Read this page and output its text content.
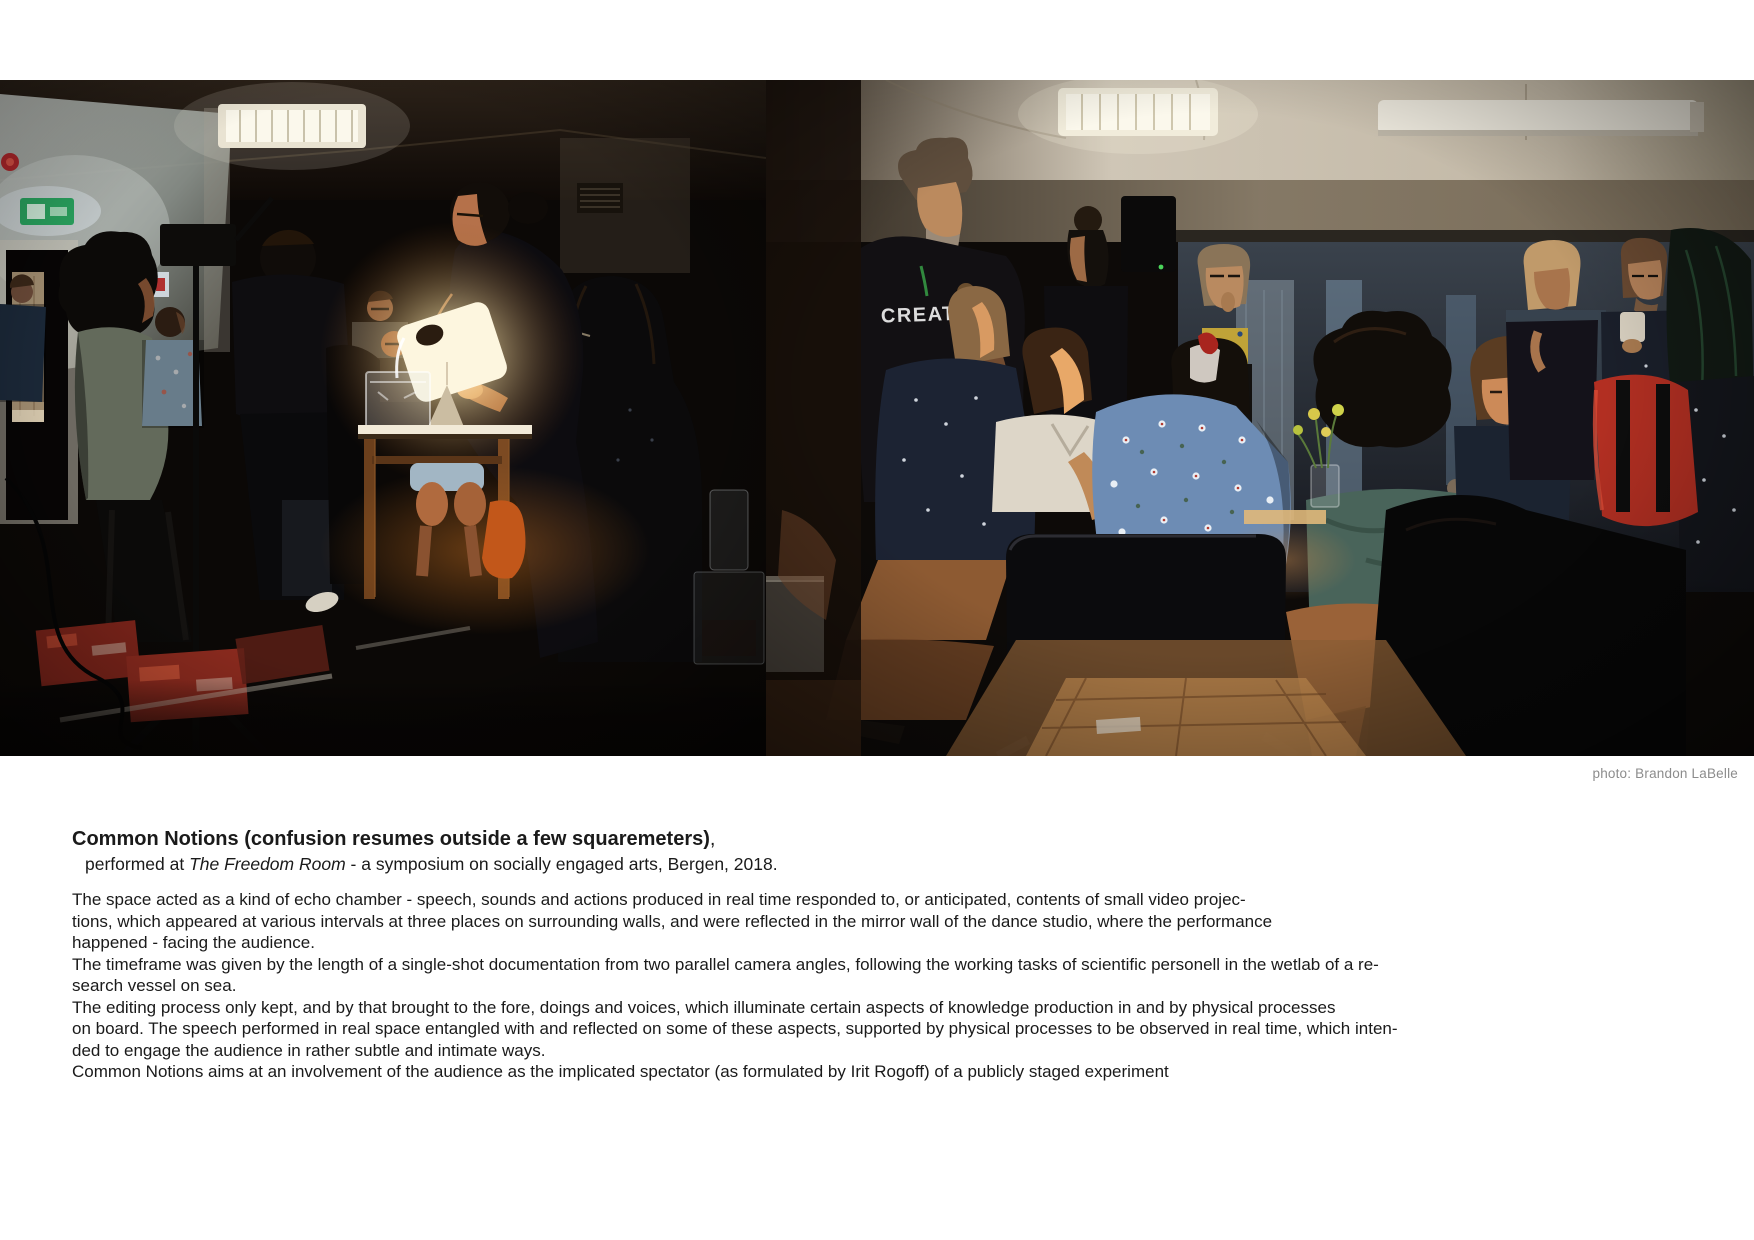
photo: Brandon LaBelle
Common Notions (confusion resumes outside a few squaremeters),
performed at The Freedom Room - a symposium on socially engaged arts, Bergen, 2018.
The space acted as a kind of echo chamber - speech, sounds and actions produced in real time responded to, or anticipated, contents of small video projec-
tions, which appeared at various intervals at three places on surrounding walls, and were reflected in the mirror wall of the dance studio, where the performance
happened - facing the audience.
The timeframe was given by the length of a single-shot documentation from two parallel camera angles, following the working tasks of scientific personell in the wetlab of a re-
search vessel on sea.
The editing process only kept, and by that brought to the fore, doings and voices, which illuminate certain aspects of knowledge production in and by physical processes
on board. The speech performed in real space entangled with and reflected on some of these aspects, supported by physical processes to be observed in real time, which inten-
ded to engage the audience in rather subtle and intimate ways.
Common Notions aims at an involvement of the audience as the implicated spectator (as formulated by Irit Rogoff) of a publicly staged experiment
